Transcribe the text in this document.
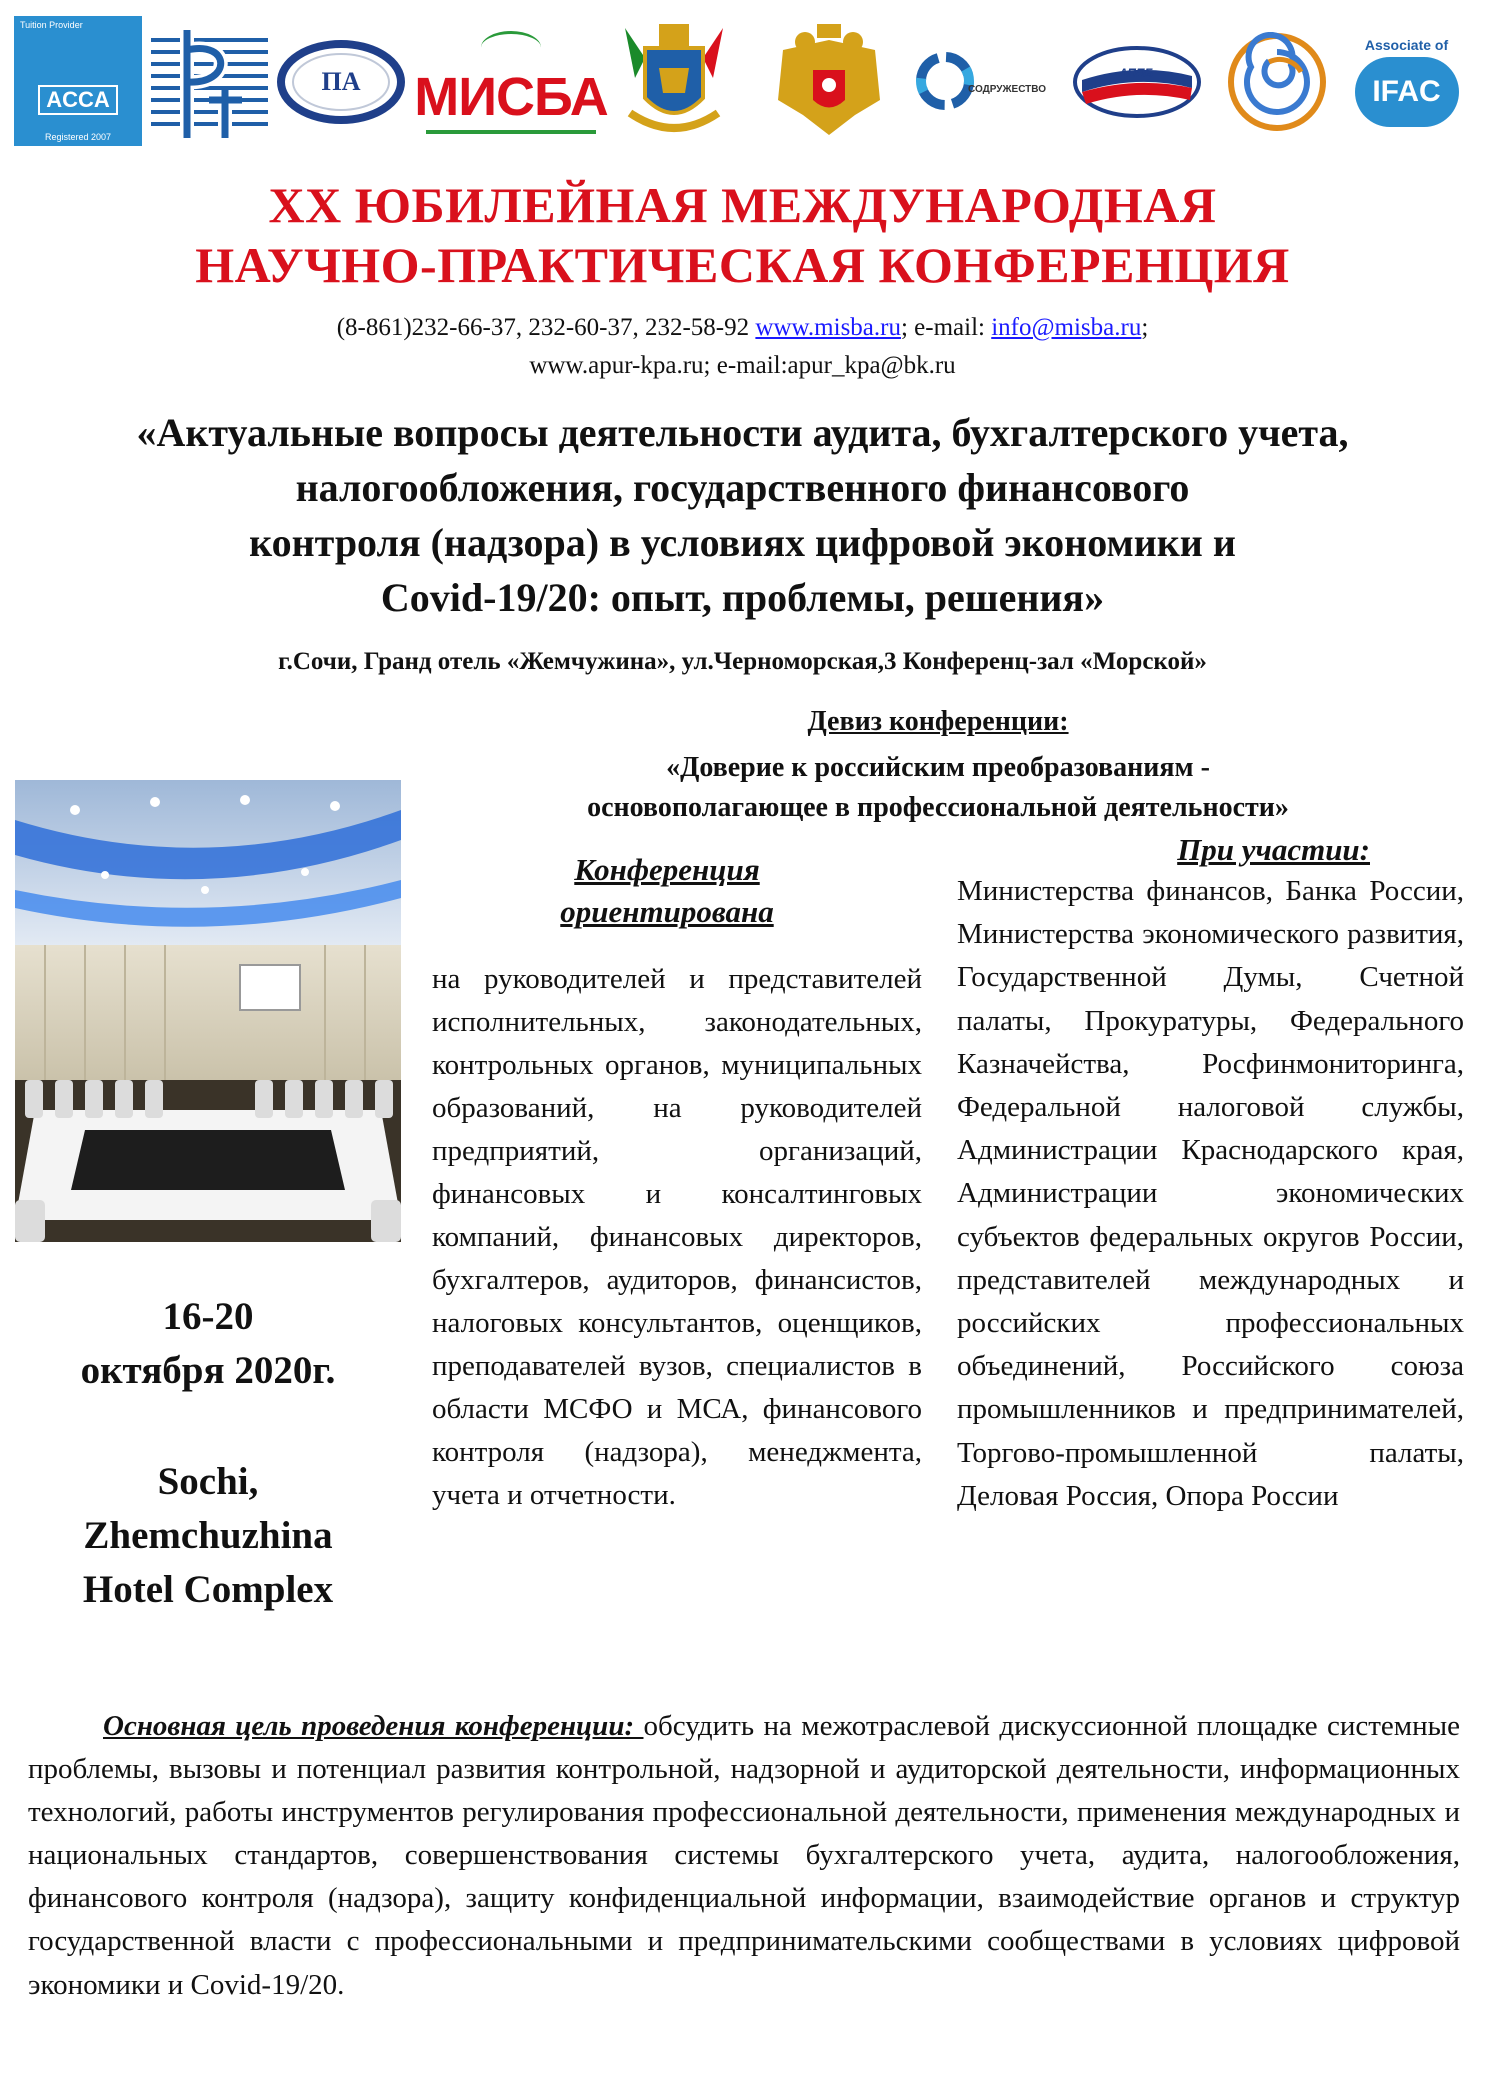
Tuition Provider
ACCA
Registered 2007
ПА МИСБА	СОДРУЖЕСТВО
АППБ
Associate of
IFAC
XX ЮБИЛЕЙНАЯ МЕЖДУНАРОДНАЯ
НАУЧНО-ПРАКТИЧЕСКАЯ КОНФЕРЕНЦИЯ
(8-861)232-66-37, 232-60-37, 232-58-92 www.misba.ru; e-mail: info@misba.ru;
www.apur-kpa.ru; e-mail:apur_kpa@bk.ru
«Актуальные вопросы деятельности аудита, бухгалтерского учета,
налогообложения, государственного финансового
контроля (надзора) в условиях цифровой экономики и
Covid-19/20: опыт, проблемы, решения»
г.Сочи, Гранд отель «Жемчужина», ул.Черноморская,3 Конференц-зал «Морской»
Девиз конференции:
«Доверие к российским преобразованиям -
основополагающее в профессиональной деятельности»
16-20
октября 2020г.
Sochi,
Zhemchuzhina
Hotel Complex
Конференция
ориентирована
на руководителей и представителей исполнительных, законодательных, контрольных органов, муниципальных образований, на руководителей предприятий, организаций, финансовых и консалтинговых компаний, финансовых директоров, бухгалтеров, аудиторов, финансистов, налоговых консультантов, оценщиков, преподавателей вузов, специалистов в области МСФО и МСА, финансового контроля (надзора), менеджмента, учета и отчетности.
При участии:
Министерства финансов, Банка России, Министерства экономического развития, Государственной Думы, Счетной палаты, Прокуратуры, Федерального Казначейства, Росфинмониторинга, Федеральной налоговой службы, Администрации Краснодарского края, Администрации экономических субъектов федеральных округов России, представителей международных и российских профессиональных объединений, Российского союза промышленников и предпринимателей, Торгово-промышленной палаты, Деловая Россия, Опора России
Основная цель проведения конференции: обсудить на межотраслевой дискуссионной площадке системные проблемы, вызовы и потенциал развития контрольной, надзорной и аудиторской деятельности, информационных технологий, работы инструментов регулирования профессиональной деятельности, применения международных и национальных стандартов, совершенствования системы бухгалтерского учета, аудита, налогообложения, финансового контроля (надзора), защиту конфиденциальной информации, взаимодействие органов и структур государственной власти с профессиональными и предпринимательскими сообществами в условиях цифровой экономики и Covid-19/20.
